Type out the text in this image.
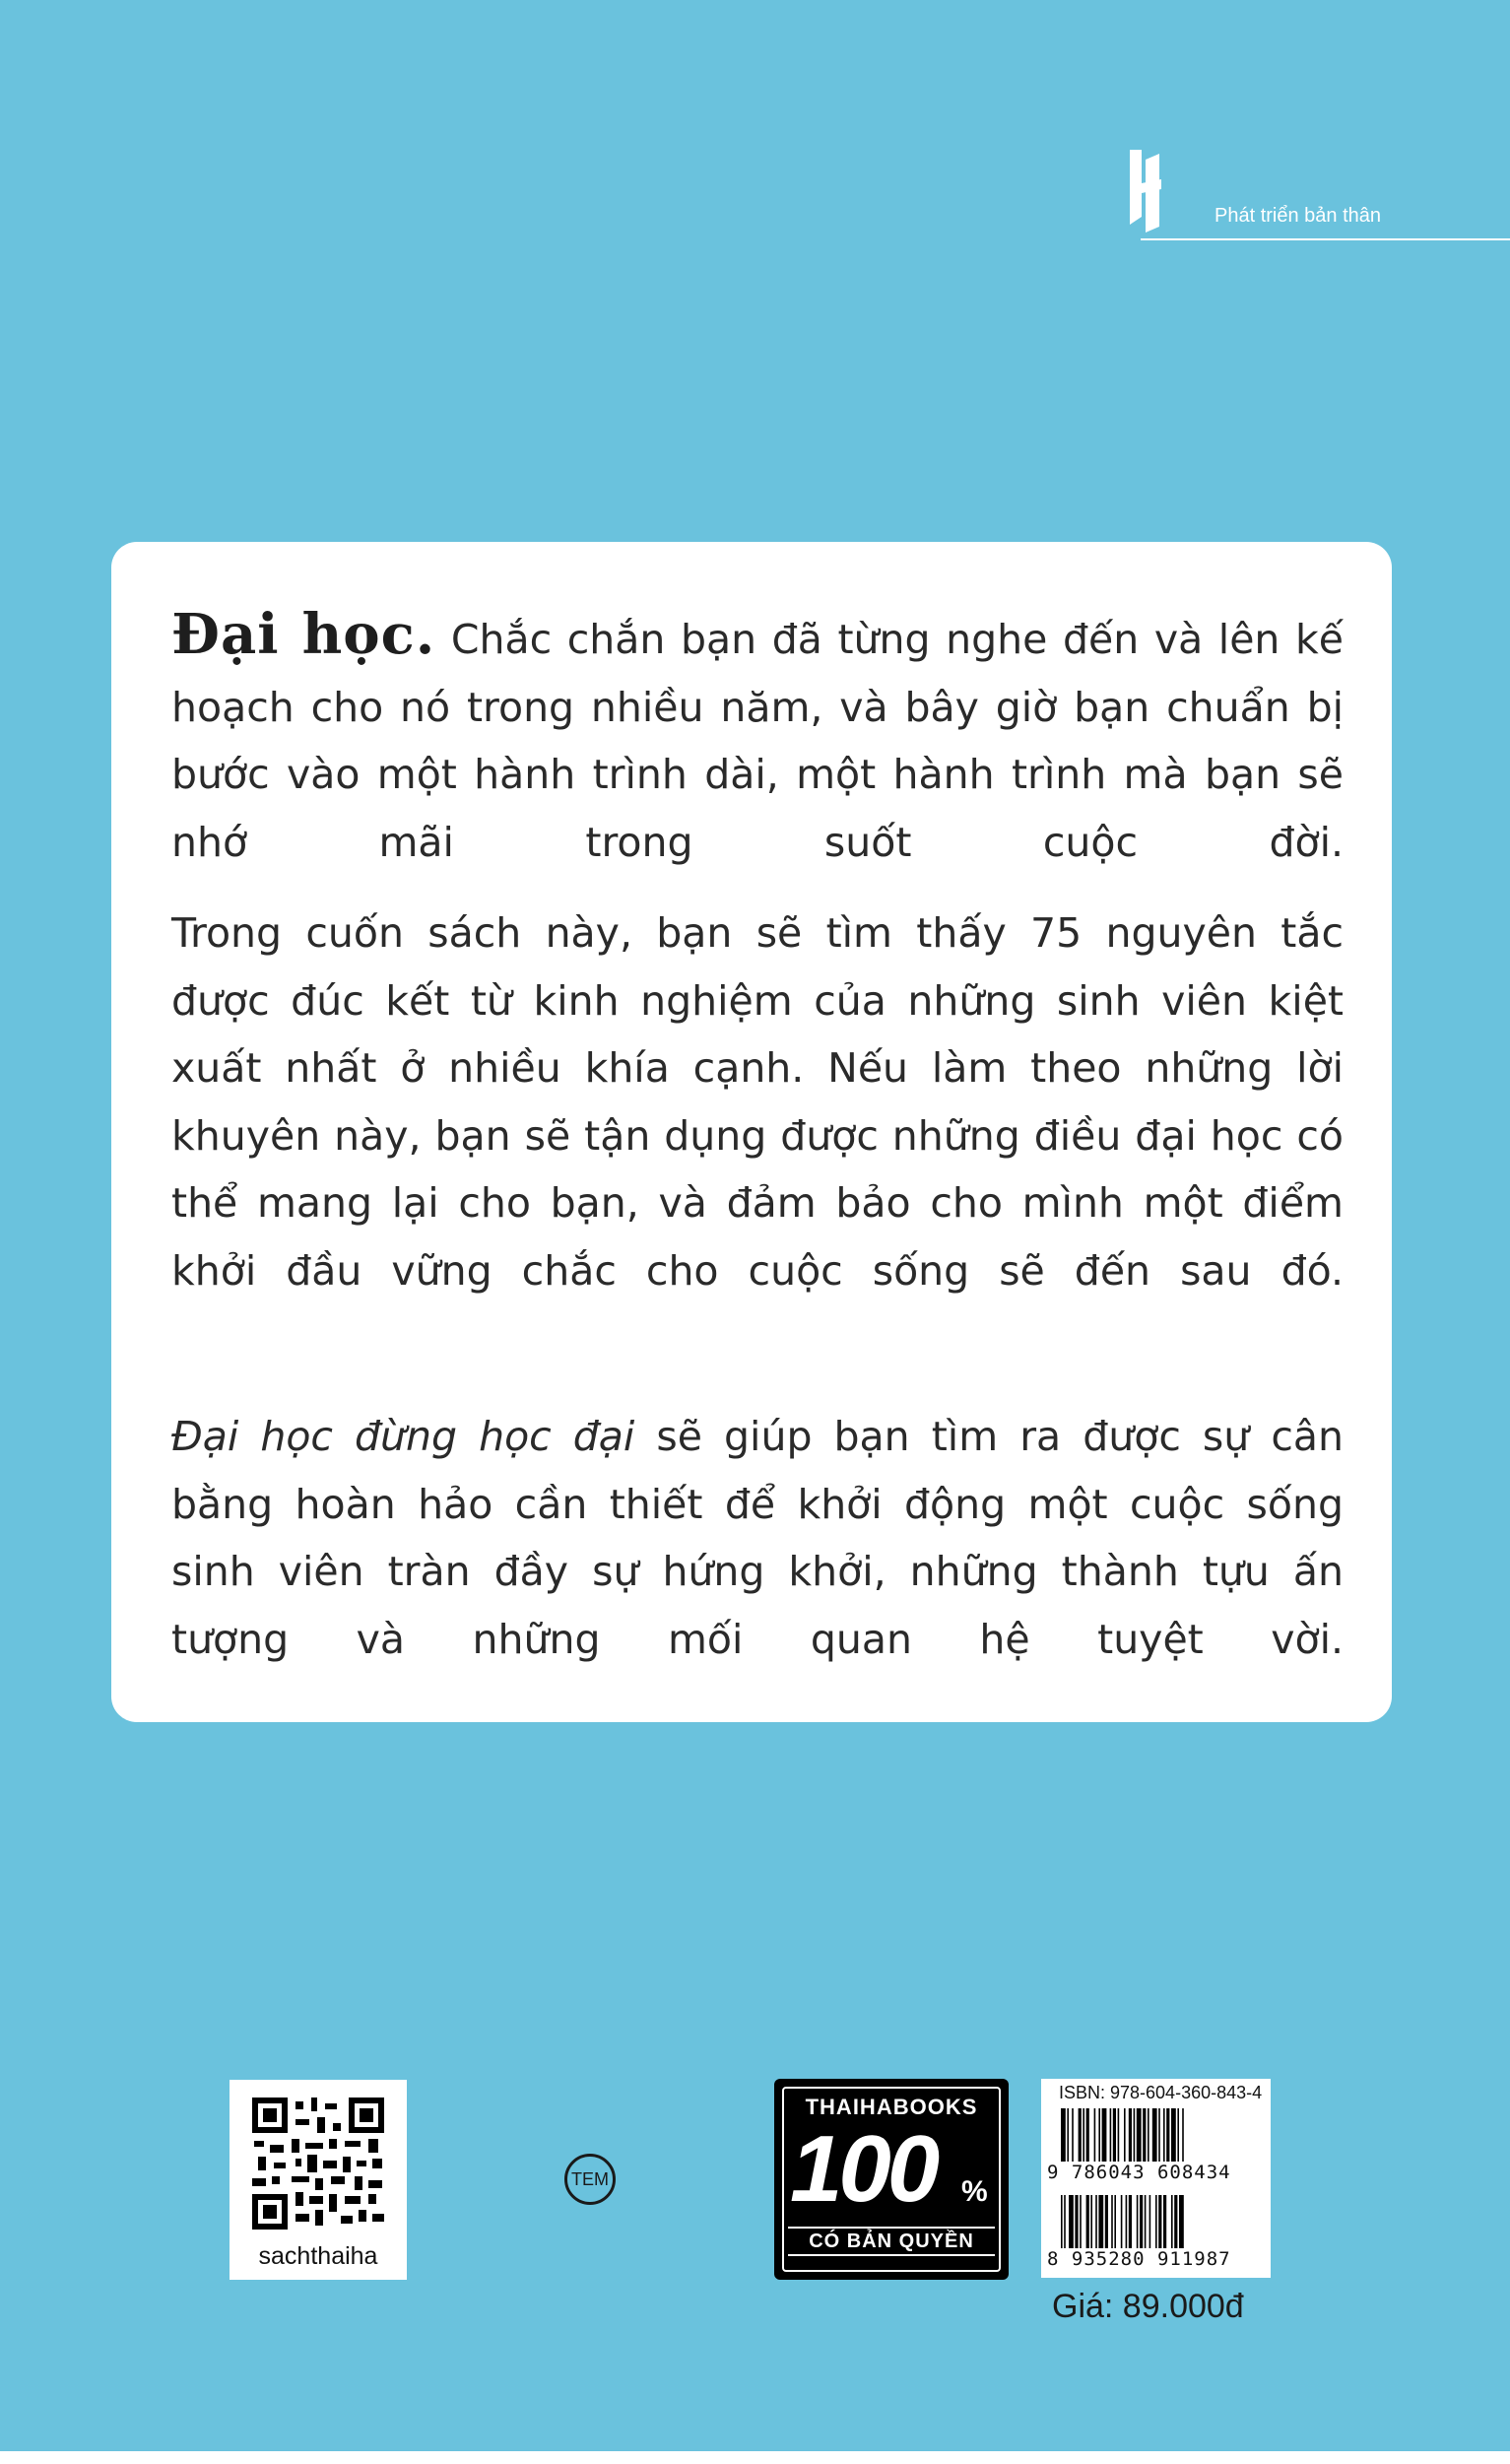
Phát triển bản thân

Đại học. Chắc chắn bạn đã từng nghe đến và lên kế hoạch cho nó trong nhiều năm, và bây giờ bạn chuẩn bị bước vào một hành trình dài, một hành trình mà bạn sẽ nhớ mãi trong suốt cuộc đời.

Trong cuốn sách này, bạn sẽ tìm thấy 75 nguyên tắc được đúc kết từ kinh nghiệm của những sinh viên kiệt xuất nhất ở nhiều khía cạnh. Nếu làm theo những lời khuyên này, bạn sẽ tận dụng được những điều đại học có thể mang lại cho bạn, và đảm bảo cho mình một điểm khởi đầu vững chắc cho cuộc sống sẽ đến sau đó.

Đại học đừng học đại sẽ giúp bạn tìm ra được sự cân bằng hoàn hảo cần thiết để khởi động một cuộc sống sinh viên tràn đầy sự hứng khởi, những thành tựu ấn tượng và những mối quan hệ tuyệt vời.

sachthaiha
TEM
THAIHABOOKS
100 %
CÓ BẢN QUYỀN
ISBN: 978-604-360-843-4
9 786043 608434
8 935280 911987
Giá: 89.000đ
